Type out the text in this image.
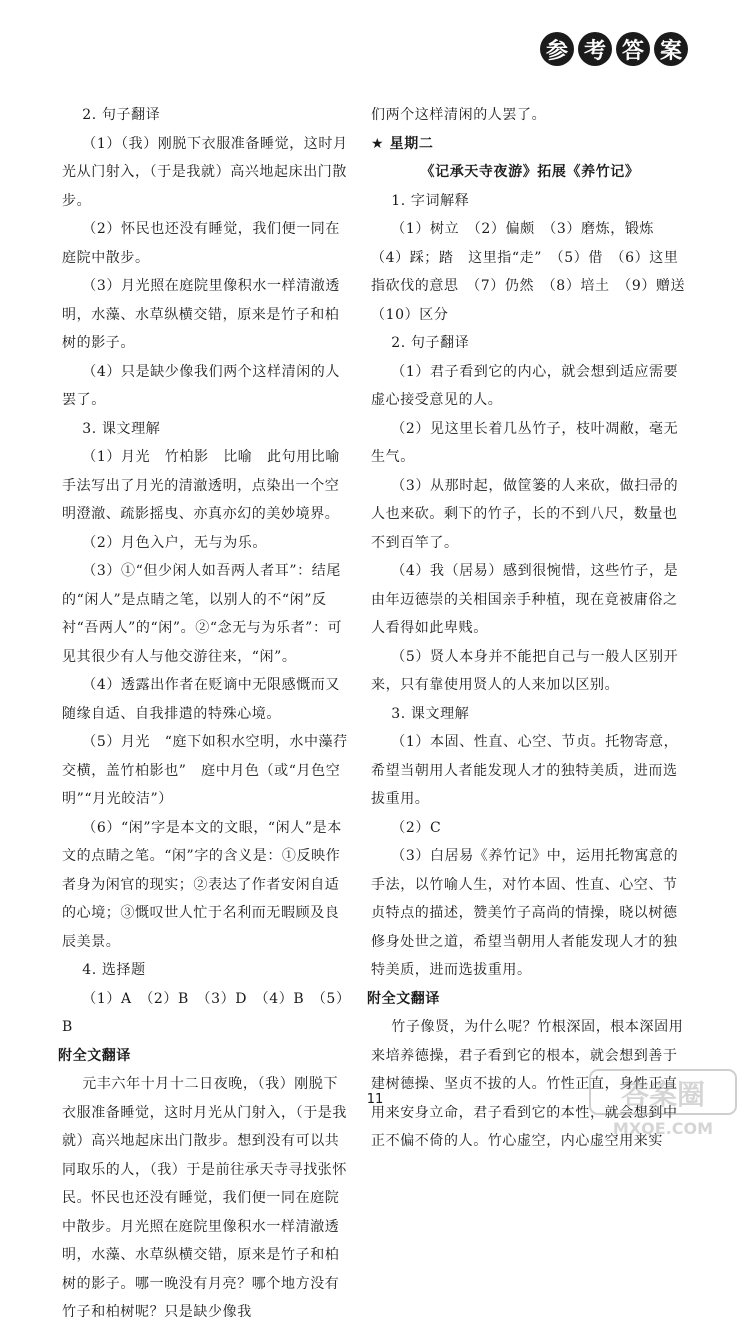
参 考 答 案

2. 句子翻译

（1）（我）刚脱下衣服准备睡觉，这时月光从门射入，（于是我就）高兴地起床出门散步。

（2）怀民也还没有睡觉，我们便一同在庭院中散步。

（3）月光照在庭院里像积水一样清澈透明，水藻、水草纵横交错，原来是竹子和柏树的影子。

（4）只是缺少像我们两个这样清闲的人罢了。

3. 课文理解

（1）月光　竹柏影　比喻　此句用比喻手法写出了月光的清澈透明，点染出一个空明澄澈、疏影摇曳、亦真亦幻的美妙境界。

（2）月色入户，无与为乐。

（3）①“但少闲人如吾两人者耳”：结尾的“闲人”是点睛之笔，以别人的不“闲”反衬“吾两人”的“闲”。②“念无与为乐者”：可见其很少有人与他交游往来，“闲”。

（4）透露出作者在贬谪中无限感慨而又随缘自适、自我排遣的特殊心境。

（5）月光　“庭下如积水空明，水中藻荇交横，盖竹柏影也”　庭中月色（或“月色空明”“月光皎洁”）

（6）“闲”字是本文的文眼，“闲人”是本文的点睛之笔。“闲”字的含义是：①反映作者身为闲官的现实；②表达了作者安闲自适的心境；③慨叹世人忙于名利而无暇顾及良辰美景。

4. 选择题

（1）A　（2）B　（3）D　（4）B　（5）B

附全文翻译

元丰六年十月十二日夜晚，（我）刚脱下衣服准备睡觉，这时月光从门射入，（于是我就）高兴地起床出门散步。想到没有可以共同取乐的人，（我）于是前往承天寺寻找张怀民。怀民也还没有睡觉，我们便一同在庭院中散步。月光照在庭院里像积水一样清澈透明，水藻、水草纵横交错，原来是竹子和柏树的影子。哪一晚没有月亮？哪个地方没有竹子和柏树呢？只是缺少像我

们两个这样清闲的人罢了。

★ 星期二

《记承天寺夜游》拓展《养竹记》

1. 字词解释

（1）树立　（2）偏颇　（3）磨炼，锻炼　（4）踩；踏　这里指“走”　（5）借　（6）这里指砍伐的意思　（7）仍然　（8）培土　（9）赠送　（10）区分

2. 句子翻译

（1）君子看到它的内心，就会想到适应需要虚心接受意见的人。

（2）见这里长着几丛竹子，枝叶凋敝，毫无生气。

（3）从那时起，做筐篓的人来砍，做扫帚的人也来砍。剩下的竹子，长的不到八尺，数量也不到百竿了。

（4）我（居易）感到很惋惜，这些竹子，是由年迈德崇的关相国亲手种植，现在竟被庸俗之人看得如此卑贱。

（5）贤人本身并不能把自己与一般人区别开来，只有靠使用贤人的人来加以区别。

3. 课文理解

（1）本固、性直、心空、节贞。托物寄意，希望当朝用人者能发现人才的独特美质，进而选拔重用。

（2）C

（3）白居易《养竹记》中，运用托物寓意的手法，以竹喻人生，对竹本固、性直、心空、节贞特点的描述，赞美竹子高尚的情操，晓以树德修身处世之道，希望当朝用人者能发现人才的独特美质，进而选拔重用。

附全文翻译

竹子像贤，为什么呢？竹根深固，根本深固用来培养德操，君子看到它的根本，就会想到善于建树德操、坚贞不拔的人。竹性正直，身性正直用来安身立命，君子看到它的本性，就会想到中正不偏不倚的人。竹心虚空，内心虚空用来实

11	答案圈
MXQE.COM
